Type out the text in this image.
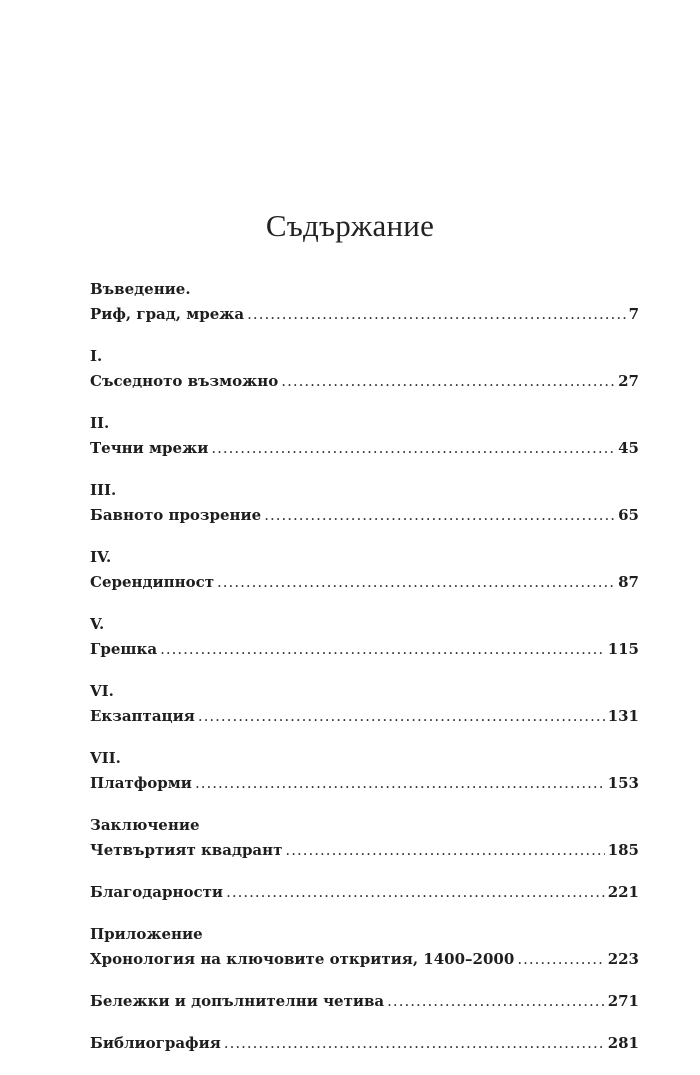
Съдържание
Въведение.
Риф, град, мрежа .....	7
I.
Съседното възможно .....	27
II.
Течни мрежи .....	45
III.
Бавното прозрение .....	65
IV.
Серендипност .....	87
V.
Грешка .....	115
VI.
Екзаптация .....	131
VII.
Платформи .....	153
Заключение
Четвъртият квадрант .....	185
Благодарности .....	221
Приложение
Хронология на ключовите открития, 1400–2000 .....	223
Бележки и допълнителни четива .....	271
Библиография .....	281
